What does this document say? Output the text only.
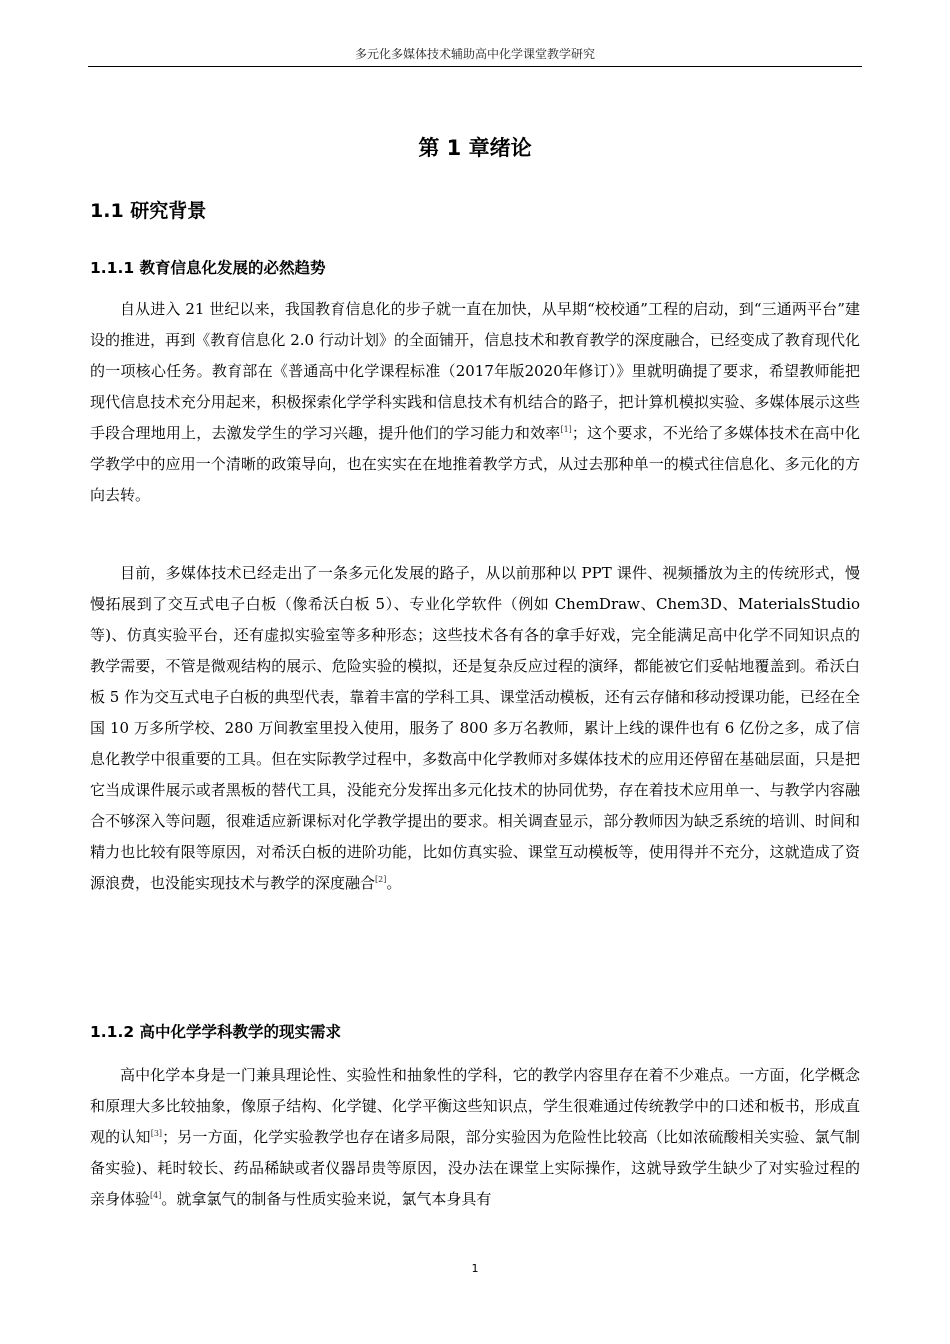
多元化多媒体技术辅助高中化学课堂教学研究
第 1 章绪论
1.1 研究背景
1.1.1 教育信息化发展的必然趋势

自从进入 21 世纪以来，我国教育信息化的步子就一直在加快，从早期“校校通”工程的启动，到“三通两平台”建设的推进，再到《教育信息化 2.0 行动计划》的全面铺开，信息技术和教育教学的深度融合，已经变成了教育现代化的一项核心任务。教育部在《普通高中化学课程标准（2017年版2020年修订）》里就明确提了要求，希望教师能把现代信息技术充分用起来，积极探索化学学科实践和信息技术有机结合的路子，把计算机模拟实验、多媒体展示这些手段合理地用上，去激发学生的学习兴趣，提升他们的学习能力和效率[1]；这个要求，不光给了多媒体技术在高中化学教学中的应用一个清晰的政策导向，也在实实在在地推着教学方式，从过去那种单一的模式往信息化、多元化的方向去转。

目前，多媒体技术已经走出了一条多元化发展的路子，从以前那种以 PPT 课件、视频播放为主的传统形式，慢慢拓展到了交互式电子白板（像希沃白板 5）、专业化学软件（例如 ChemDraw、Chem3D、MaterialsStudio 等)、仿真实验平台，还有虚拟实验室等多种形态；这些技术各有各的拿手好戏，完全能满足高中化学不同知识点的教学需要，不管是微观结构的展示、危险实验的模拟，还是复杂反应过程的演绎，都能被它们妥帖地覆盖到。希沃白板 5 作为交互式电子白板的典型代表，靠着丰富的学科工具、课堂活动模板，还有云存储和移动授课功能，已经在全国 10 万多所学校、280 万间教室里投入使用，服务了 800 多万名教师，累计上线的课件也有 6 亿份之多，成了信息化教学中很重要的工具。但在实际教学过程中，多数高中化学教师对多媒体技术的应用还停留在基础层面，只是把它当成课件展示或者黑板的替代工具，没能充分发挥出多元化技术的协同优势，存在着技术应用单一、与教学内容融合不够深入等问题，很难适应新课标对化学教学提出的要求。相关调查显示，部分教师因为缺乏系统的培训、时间和精力也比较有限等原因，对希沃白板的进阶功能，比如仿真实验、课堂互动模板等，使用得并不充分，这就造成了资源浪费，也没能实现技术与教学的深度融合[2]。

1.1.2 高中化学学科教学的现实需求

高中化学本身是一门兼具理论性、实验性和抽象性的学科，它的教学内容里存在着不少难点。一方面，化学概念和原理大多比较抽象，像原子结构、化学键、化学平衡这些知识点，学生很难通过传统教学中的口述和板书，形成直观的认知[3]；另一方面，化学实验教学也存在诸多局限，部分实验因为危险性比较高（比如浓硫酸相关实验、氯气制备实验)、耗时较长、药品稀缺或者仪器昂贵等原因，没办法在课堂上实际操作，这就导致学生缺少了对实验过程的亲身体验[4]。就拿氯气的制备与性质实验来说，氯气本身具有

1
